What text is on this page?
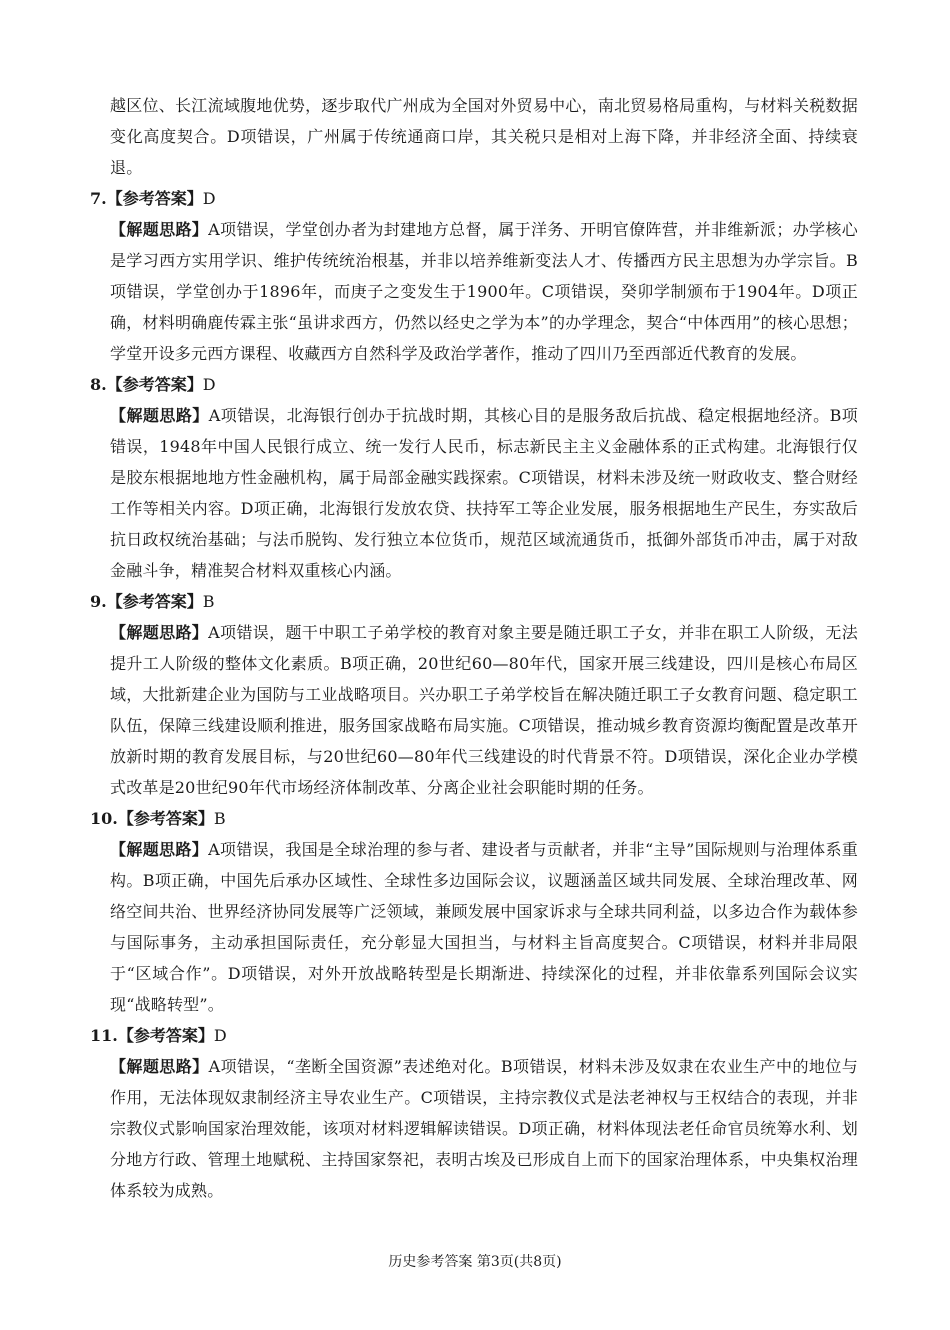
越区位、长江流域腹地优势，逐步取代广州成为全国对外贸易中心，南北贸易格局重构，与材料关税数据变化高度契合。D项错误，广州属于传统通商口岸，其关税只是相对上海下降，并非经济全面、持续衰退。

7.【参考答案】D

【解题思路】A项错误，学堂创办者为封建地方总督，属于洋务、开明官僚阵营，并非维新派；办学核心是学习西方实用学识、维护传统统治根基，并非以培养维新变法人才、传播西方民主思想为办学宗旨。B项错误，学堂创办于1896年，而庚子之变发生于1900年。C项错误，癸卯学制颁布于1904年。D项正确，材料明确鹿传霖主张“虽讲求西方，仍然以经史之学为本”的办学理念，契合“中体西用”的核心思想；学堂开设多元西方课程、收藏西方自然科学及政治学著作，推动了四川乃至西部近代教育的发展。

8.【参考答案】D

【解题思路】A项错误，北海银行创办于抗战时期，其核心目的是服务敌后抗战、稳定根据地经济。B项错误，1948年中国人民银行成立、统一发行人民币，标志新民主主义金融体系的正式构建。北海银行仅是胶东根据地地方性金融机构，属于局部金融实践探索。C项错误，材料未涉及统一财政收支、整合财经工作等相关内容。D项正确，北海银行发放农贷、扶持军工等企业发展，服务根据地生产民生，夯实敌后抗日政权统治基础；与法币脱钩、发行独立本位货币，规范区域流通货币，抵御外部货币冲击，属于对敌金融斗争，精准契合材料双重核心内涵。

9.【参考答案】B

【解题思路】A项错误，题干中职工子弟学校的教育对象主要是随迁职工子女，并非在职工人阶级，无法提升工人阶级的整体文化素质。B项正确，20世纪60—80年代，国家开展三线建设，四川是核心布局区域，大批新建企业为国防与工业战略项目。兴办职工子弟学校旨在解决随迁职工子女教育问题、稳定职工队伍，保障三线建设顺利推进，服务国家战略布局实施。C项错误，推动城乡教育资源均衡配置是改革开放新时期的教育发展目标，与20世纪60—80年代三线建设的时代背景不符。D项错误，深化企业办学模式改革是20世纪90年代市场经济体制改革、分离企业社会职能时期的任务。

10.【参考答案】B

【解题思路】A项错误，我国是全球治理的参与者、建设者与贡献者，并非“主导”国际规则与治理体系重构。B项正确，中国先后承办区域性、全球性多边国际会议，议题涵盖区域共同发展、全球治理改革、网络空间共治、世界经济协同发展等广泛领域，兼顾发展中国家诉求与全球共同利益，以多边合作为载体参与国际事务，主动承担国际责任，充分彰显大国担当，与材料主旨高度契合。C项错误，材料并非局限于“区域合作”。D项错误，对外开放战略转型是长期渐进、持续深化的过程，并非依靠系列国际会议实现“战略转型”。

11.【参考答案】D

【解题思路】A项错误，“垄断全国资源”表述绝对化。B项错误，材料未涉及奴隶在农业生产中的地位与作用，无法体现奴隶制经济主导农业生产。C项错误，主持宗教仪式是法老神权与王权结合的表现，并非宗教仪式影响国家治理效能，该项对材料逻辑解读错误。D项正确，材料体现法老任命官员统筹水利、划分地方行政、管理土地赋税、主持国家祭祀，表明古埃及已形成自上而下的国家治理体系，中央集权治理体系较为成熟。

历史参考答案 第3页(共8页)
